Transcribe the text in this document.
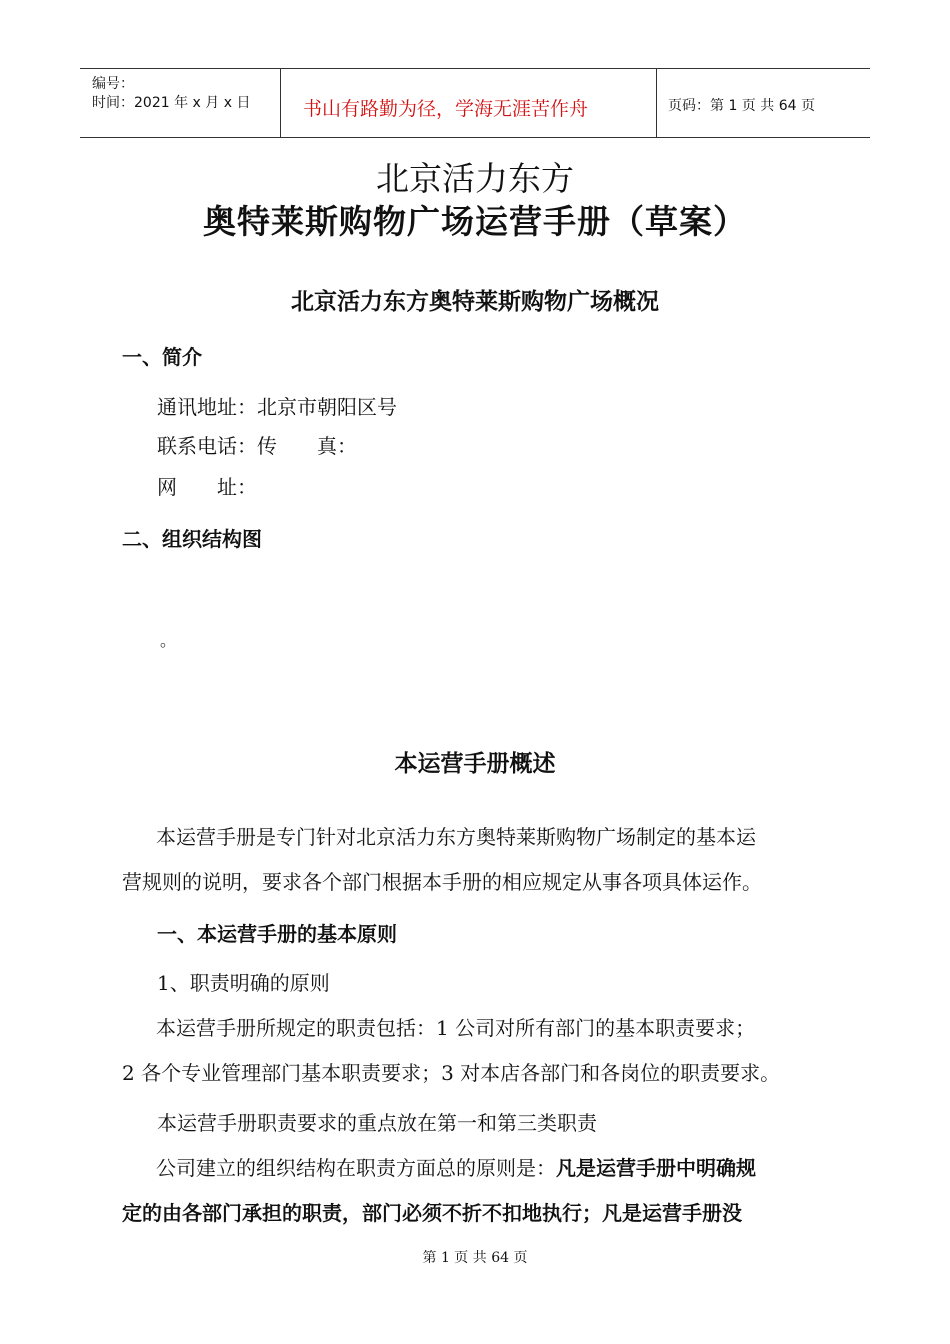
编号：
时间：2021 年 x 月 x 日	书山有路勤为径，学海无涯苦作舟	页码：第 1 页 共 64 页
北京活力东方
奥特莱斯购物广场运营手册（草案）
北京活力东方奥特莱斯购物广场概况
一、简介
通讯地址：北京市朝阳区号
联系电话：传　　真：
网　　址：
二、组织结构图
。
本运营手册概述
本运营手册是专门针对北京活力东方奥特莱斯购物广场制定的基本运
营规则的说明，要求各个部门根据本手册的相应规定从事各项具体运作。
一、本运营手册的基本原则
1、职责明确的原则
本运营手册所规定的职责包括：1 公司对所有部门的基本职责要求；
2 各个专业管理部门基本职责要求；3 对本店各部门和各岗位的职责要求。
本运营手册职责要求的重点放在第一和第三类职责
公司建立的组织结构在职责方面总的原则是：凡是运营手册中明确规
定的由各部门承担的职责，部门必须不折不扣地执行；凡是运营手册没
第 1 页 共 64 页
